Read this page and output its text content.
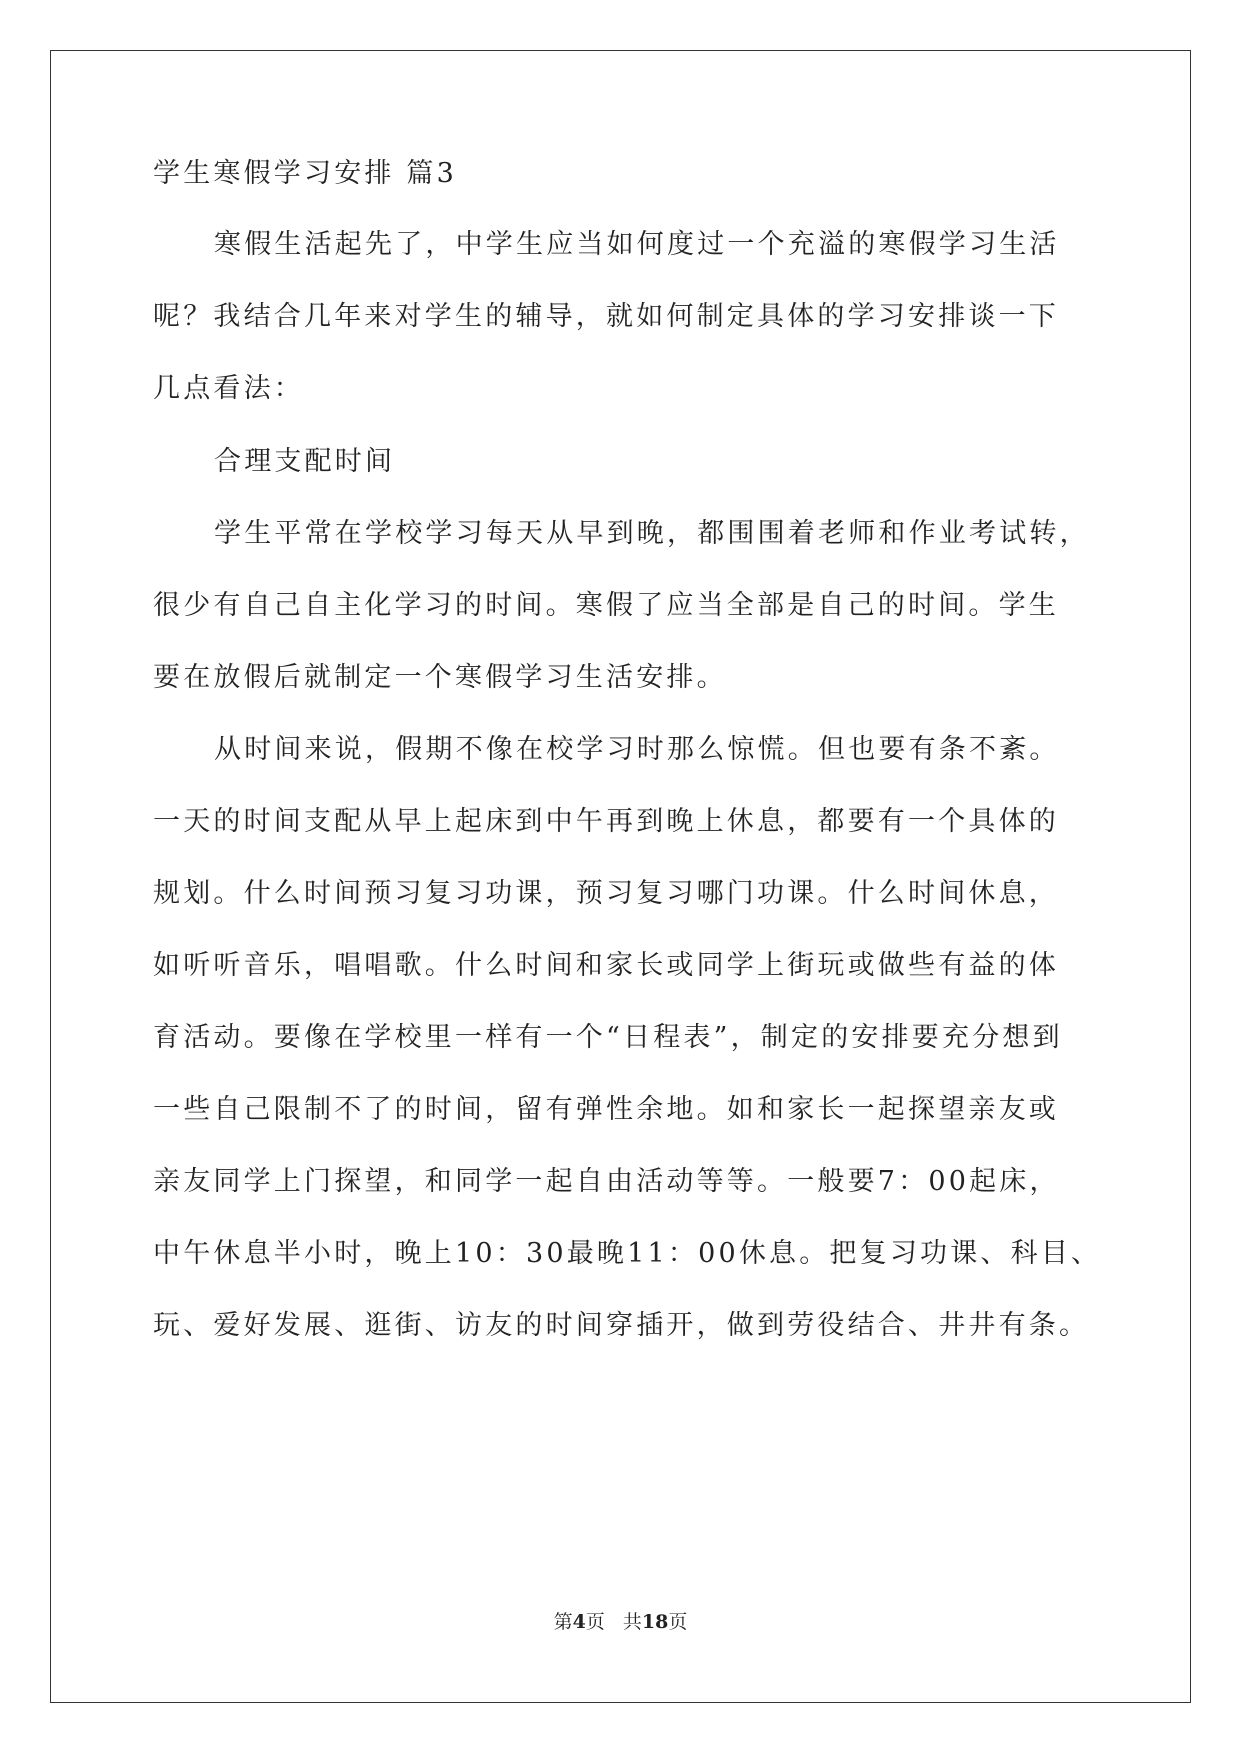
学生寒假学习安排 篇3
寒假生活起先了，中学生应当如何度过一个充溢的寒假学习生活
呢？我结合几年来对学生的辅导，就如何制定具体的学习安排谈一下
几点看法：
合理支配时间
学生平常在学校学习每天从早到晚，都围围着老师和作业考试转，
很少有自己自主化学习的时间。寒假了应当全部是自己的时间。学生
要在放假后就制定一个寒假学习生活安排。
从时间来说，假期不像在校学习时那么惊慌。但也要有条不紊。
一天的时间支配从早上起床到中午再到晚上休息，都要有一个具体的
规划。什么时间预习复习功课，预习复习哪门功课。什么时间休息，
如听听音乐，唱唱歌。什么时间和家长或同学上街玩或做些有益的体
育活动。要像在学校里一样有一个“日程表”，制定的安排要充分想到
一些自己限制不了的时间，留有弹性余地。如和家长一起探望亲友或
亲友同学上门探望，和同学一起自由活动等等。一般要7：00起床，
中午休息半小时，晚上10：30最晚11：00休息。把复习功课、科目、
玩、爱好发展、逛街、访友的时间穿插开，做到劳役结合、井井有条。
第4页 共18页
